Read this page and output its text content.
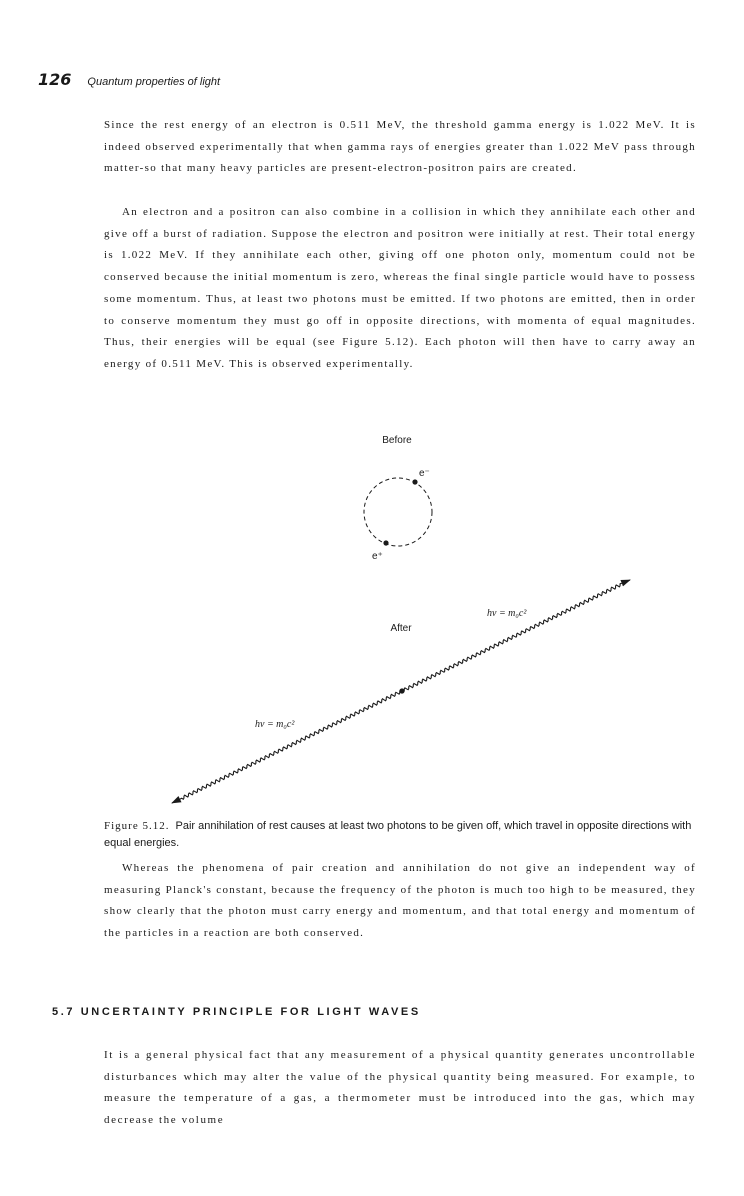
126 Quantum properties of light

Since the rest energy of an electron is 0.511 MeV, the threshold gamma energy is 1.022 MeV. It is indeed observed experimentally that when gamma rays of energies greater than 1.022 MeV pass through matter-so that many heavy particles are present-electron-positron pairs are created.

An electron and a positron can also combine in a collision in which they annihilate each other and give off a burst of radiation. Suppose the electron and positron were initially at rest. Their total energy is 1.022 MeV. If they annihilate each other, giving off one photon only, momentum could not be conserved because the initial momentum is zero, whereas the final single particle would have to possess some momentum. Thus, at least two photons must be emitted. If two photons are emitted, then in order to conserve momentum they must go off in opposite directions, with momenta of equal magnitudes. Thus, their energies will be equal (see Figure 5.12). Each photon will then have to carry away an energy of 0.511 MeV. This is observed experimentally.

Before
e⁻
e⁺
After
hν = m₀c²
hν = m₀c²

Figure 5.12. Pair annihilation of rest causes at least two photons to be given off, which travel in opposite directions with equal energies.

Whereas the phenomena of pair creation and annihilation do not give an independent way of measuring Planck's constant, because the frequency of the photon is much too high to be measured, they show clearly that the photon must carry energy and momentum, and that total energy and momentum of the particles in a reaction are both conserved.

5.7 UNCERTAINTY PRINCIPLE FOR LIGHT WAVES

It is a general physical fact that any measurement of a physical quantity generates uncontrollable disturbances which may alter the value of the physical quantity being measured. For example, to measure the temperature of a gas, a thermometer must be introduced into the gas, which may decrease the volume
